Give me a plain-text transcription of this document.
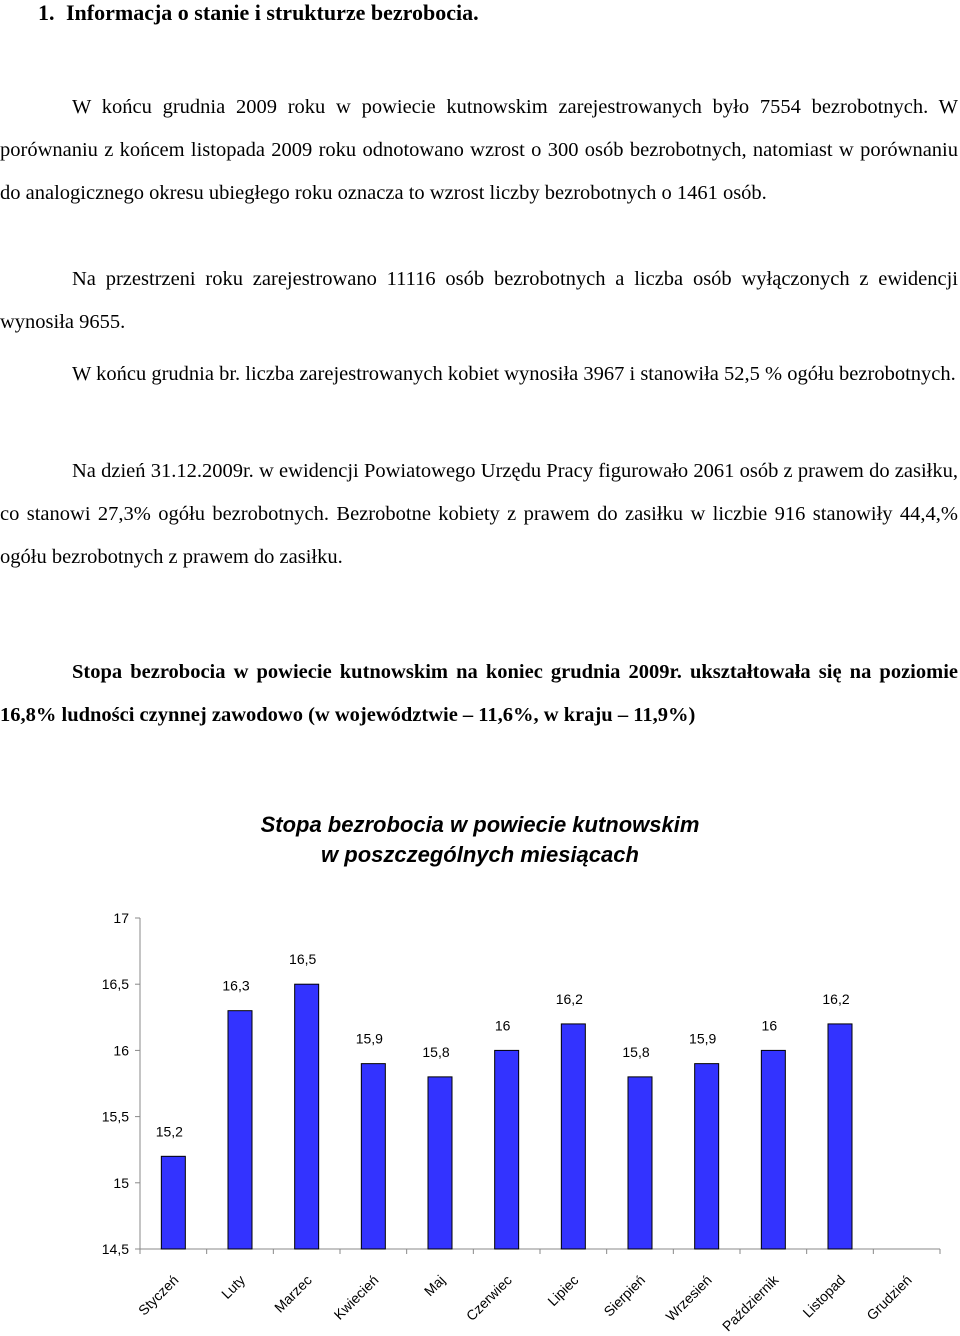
1. Informacja o stanie i strukturze bezrobocia.

W końcu grudnia 2009 roku w powiecie kutnowskim zarejestrowanych było 7554 bezrobotnych. W porównaniu z końcem listopada 2009 roku odnotowano wzrost o 300 osób bezrobotnych, natomiast w porównaniu do analogicznego okresu ubiegłego roku oznacza to wzrost liczby bezrobotnych o 1461 osób.

Na przestrzeni roku zarejestrowano 11116 osób bezrobotnych a liczba osób wyłączonych z ewidencji wynosiła 9655.

W końcu grudnia br. liczba zarejestrowanych kobiet wynosiła 3967 i stanowiła 52,5 % ogółu bezrobotnych.

Na dzień 31.12.2009r. w ewidencji Powiatowego Urzędu Pracy figurowało 2061 osób z prawem do zasiłku, co stanowi 27,3% ogółu bezrobotnych. Bezrobotne kobiety z prawem do zasiłku w liczbie 916 stanowiły 44,4,% ogółu bezrobotnych z prawem do zasiłku.

Stopa bezrobocia w powiecie kutnowskim na koniec grudnia 2009r. ukształtowała się na poziomie 16,8% ludności czynnej zawodowo (w województwie – 11,6%, w kraju – 11,9%)

Stopa bezrobocia w powiecie kutnowskim
w poszczególnych miesiącach
14,5
15
15,5
16
16,5
17
15,2
Styczeń
16,3
Luty
16,5
Marzec
15,9
Kwiecień
15,8
Maj
16
Czerwiec
16,2
Lipiec
15,8
Sierpień
15,9
Wrzesień
16
Październik
16,2
Listopad Grudzień
